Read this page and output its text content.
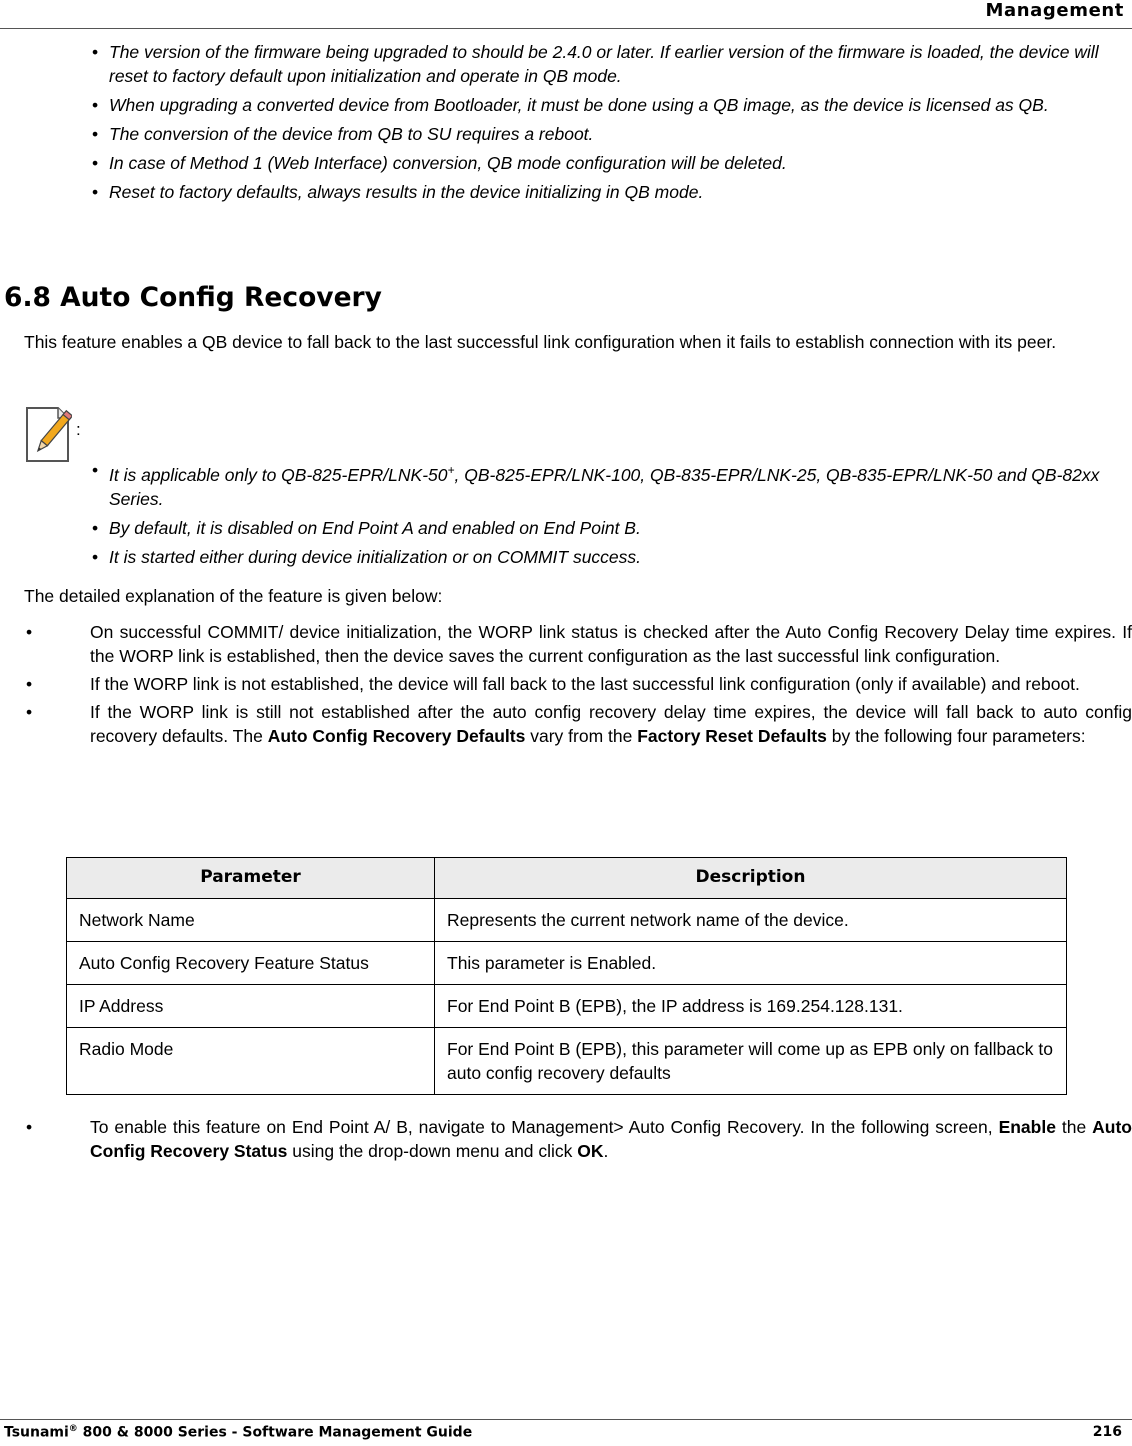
Management
• The version of the firmware being upgraded to should be 2.4.0 or later. If earlier version of the firmware is loaded, the device will reset to factory default upon initialization and operate in QB mode.
• When upgrading a converted device from Bootloader, it must be done using a QB image, as the device is licensed as QB.
• The conversion of the device from QB to SU requires a reboot.
• In case of Method 1 (Web Interface) conversion, QB mode configuration will be deleted.
• Reset to factory defaults, always results in the device initializing in QB mode.
6.8 Auto Config Recovery
This feature enables a QB device to fall back to the last successful link configuration when it fails to establish connection with its peer.
:
• It is applicable only to QB-825-EPR/LNK-50+, QB-825-EPR/LNK-100, QB-835-EPR/LNK-25, QB-835-EPR/LNK-50 and QB-82xx Series.
• By default, it is disabled on End Point A and enabled on End Point B.
• It is started either during device initialization or on COMMIT success.
The detailed explanation of the feature is given below:
•	On successful COMMIT/ device initialization, the WORP link status is checked after the Auto Config Recovery Delay time expires. If the WORP link is established, then the device saves the current configuration as the last successful link configuration.
•	If the WORP link is not established, the device will fall back to the last successful link configuration (only if available) and reboot.
•	If the WORP link is still not established after the auto config recovery delay time expires, the device will fall back to auto config recovery defaults. The Auto Config Recovery Defaults vary from the Factory Reset Defaults by the following four parameters:
Parameter	Description
Network Name	Represents the current network name of the device.
Auto Config Recovery Feature Status	This parameter is Enabled.
IP Address	For End Point B (EPB), the IP address is 169.254.128.131.
Radio Mode	For End Point B (EPB), this parameter will come up as EPB only on fallback to auto config recovery defaults
•	To enable this feature on End Point A/ B, navigate to Management> Auto Config Recovery. In the following screen, Enable the Auto Config Recovery Status using the drop-down menu and click OK.
Tsunami® 800 & 8000 Series - Software Management Guide	216
